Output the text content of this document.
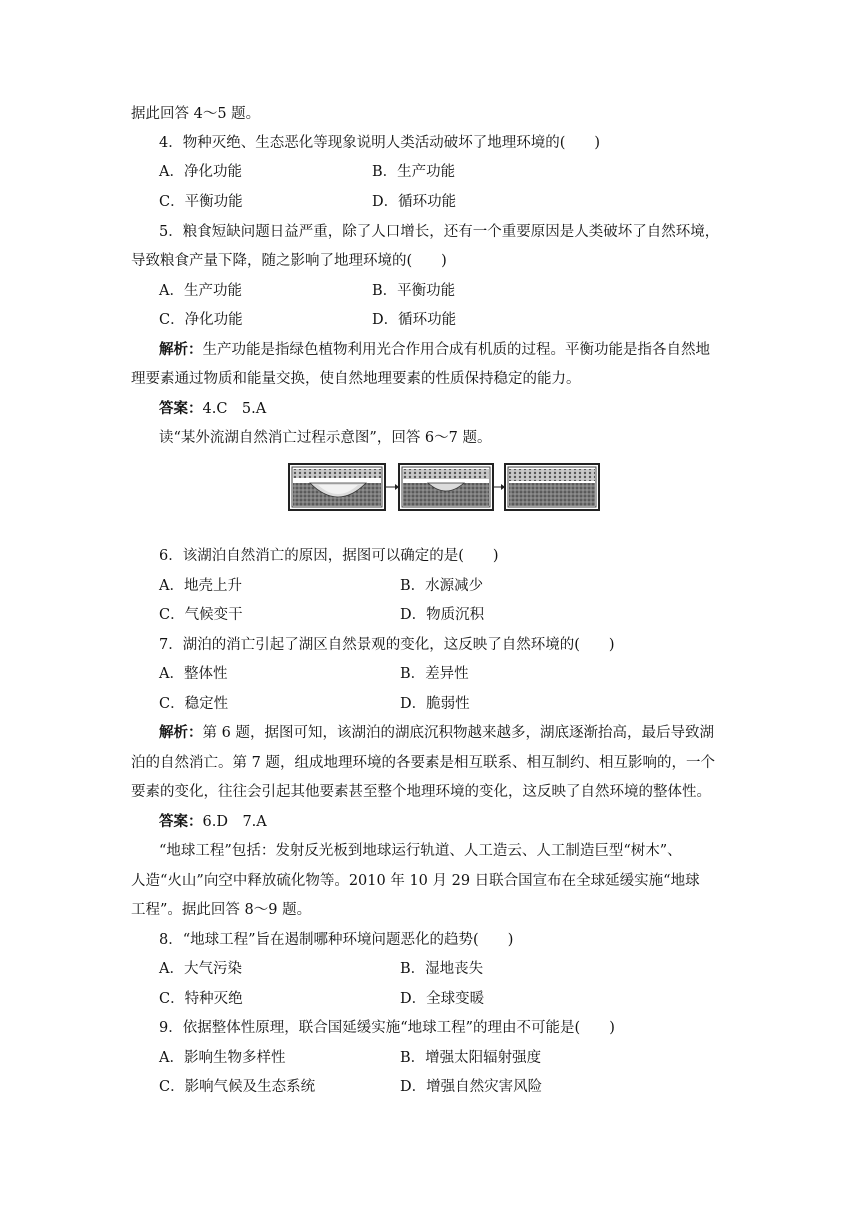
据此回答 4～5 题。
4．物种灭绝、生态恶化等现象说明人类活动破坏了地理环境的(　　)
A．净化功能	B．生产功能
C．平衡功能	D．循环功能
5．粮食短缺问题日益严重，除了人口增长，还有一个重要原因是人类破坏了自然环境，
导致粮食产量下降，随之影响了地理环境的(　　)
A．生产功能	B．平衡功能
C．净化功能	D．循环功能
解析：生产功能是指绿色植物利用光合作用合成有机质的过程。平衡功能是指各自然地
理要素通过物质和能量交换，使自然地理要素的性质保持稳定的能力。
答案：4.C　5.A
读“某外流湖自然消亡过程示意图”，回答 6～7 题。
6．该湖泊自然消亡的原因，据图可以确定的是(　　)
A．地壳上升	B．水源减少
C．气候变干	D．物质沉积
7．湖泊的消亡引起了湖区自然景观的变化，这反映了自然环境的(　　)
A．整体性	B．差异性
C．稳定性	D．脆弱性
解析：第 6 题，据图可知，该湖泊的湖底沉积物越来越多，湖底逐渐抬高，最后导致湖
泊的自然消亡。第 7 题，组成地理环境的各要素是相互联系、相互制约、相互影响的，一个
要素的变化，往往会引起其他要素甚至整个地理环境的变化，这反映了自然环境的整体性。
答案：6.D　7.A
“地球工程”包括：发射反光板到地球运行轨道、人工造云、人工制造巨型“树木”、
人造“火山”向空中释放硫化物等。2010 年 10 月 29 日联合国宣布在全球延缓实施“地球
工程”。据此回答 8～9 题。
8．“地球工程”旨在遏制哪种环境问题恶化的趋势(　　)
A．大气污染	B．湿地丧失
C．特种灭绝	D．全球变暖
9．依据整体性原理，联合国延缓实施“地球工程”的理由不可能是(　　)
A．影响生物多样性	B．增强太阳辐射强度
C．影响气候及生态系统	D．增强自然灾害风险
